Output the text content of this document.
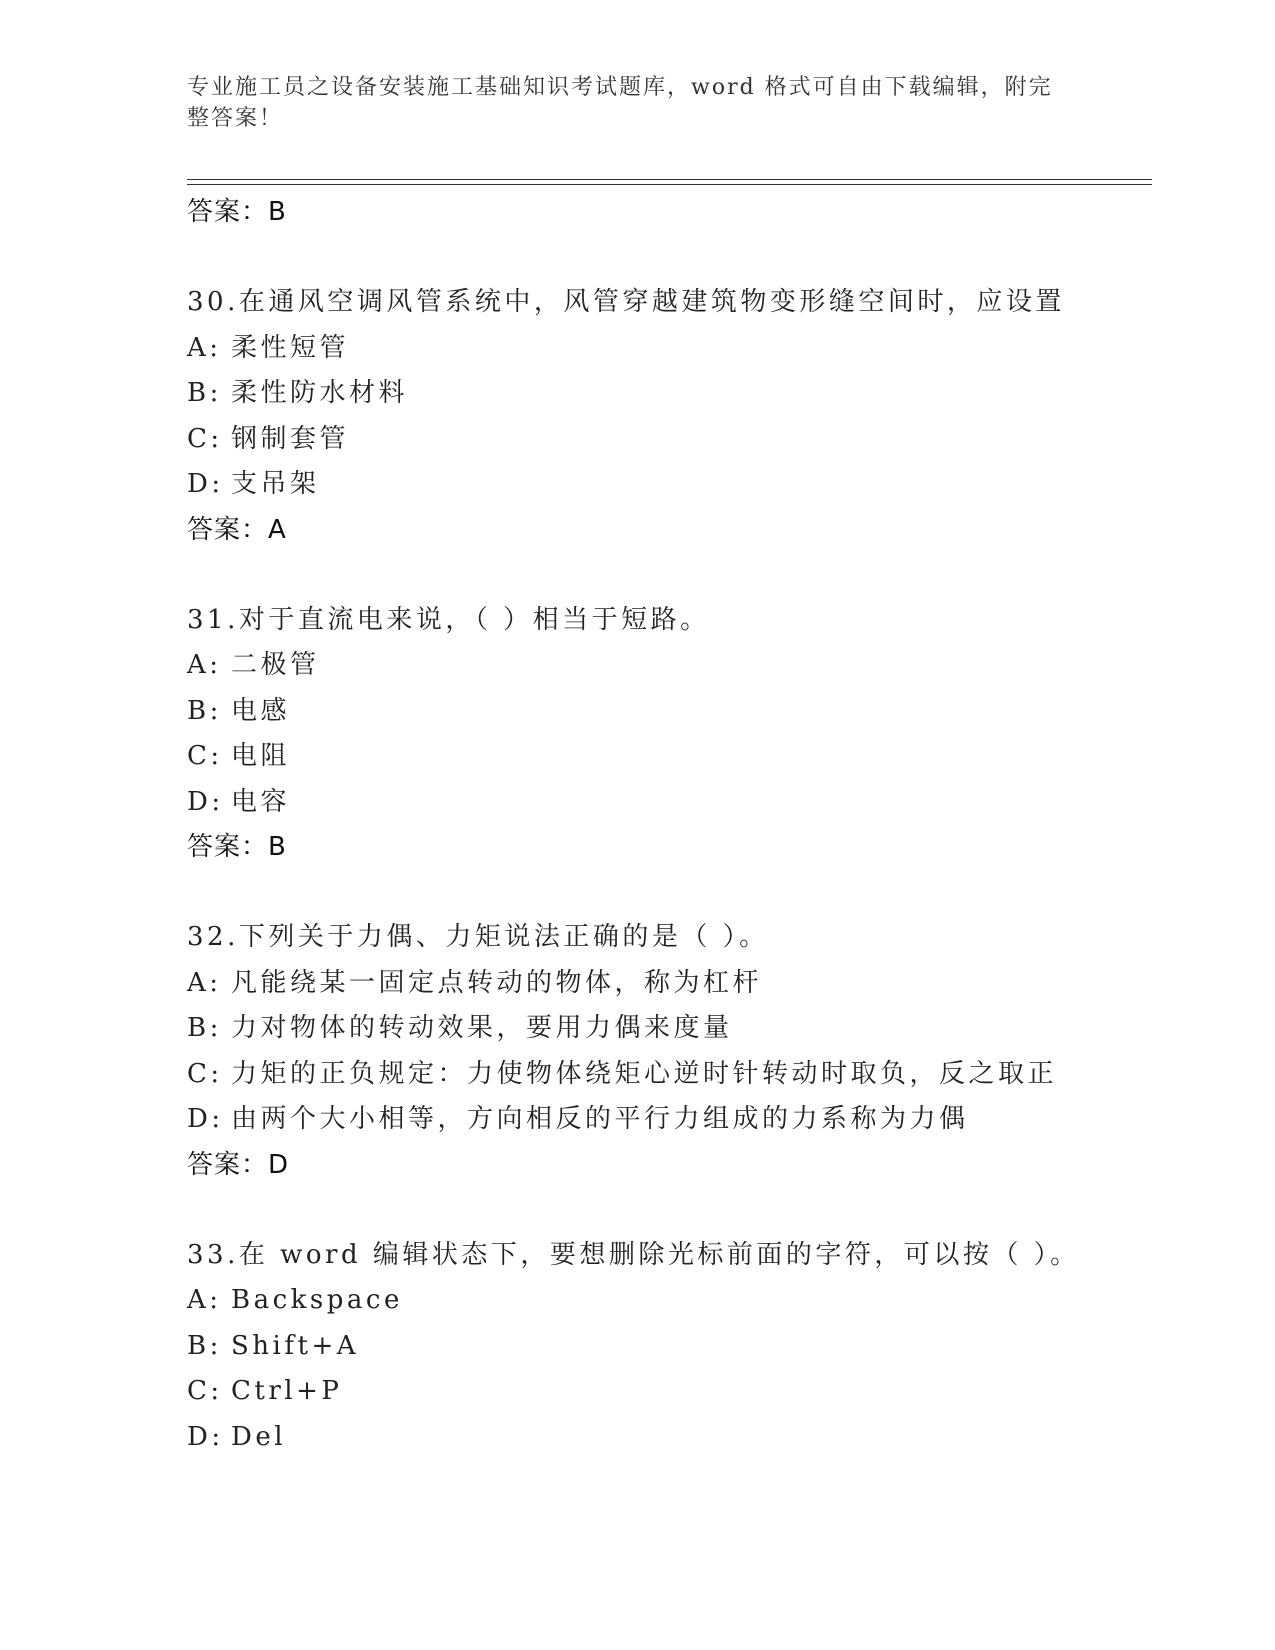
专业施工员之设备安装施工基础知识考试题库，word 格式可自由下载编辑，附完整答案！
答案：B
30.在通风空调风管系统中，风管穿越建筑物变形缝空间时，应设置
A: 柔性短管
B: 柔性防水材料
C: 钢制套管
D: 支吊架
答案：A
31.对于直流电来说，（ ）相当于短路。
A: 二极管
B: 电感
C: 电阻
D: 电容
答案：B
32.下列关于力偶、力矩说法正确的是（ ）。
A: 凡能绕某一固定点转动的物体，称为杠杆
B: 力对物体的转动效果，要用力偶来度量
C: 力矩的正负规定：力使物体绕矩心逆时针转动时取负，反之取正
D: 由两个大小相等，方向相反的平行力组成的力系称为力偶
答案：D
33.在 word 编辑状态下，要想删除光标前面的字符，可以按（ ）。
A: Backspace
B: Shift+A
C: Ctrl+P
D: Del
